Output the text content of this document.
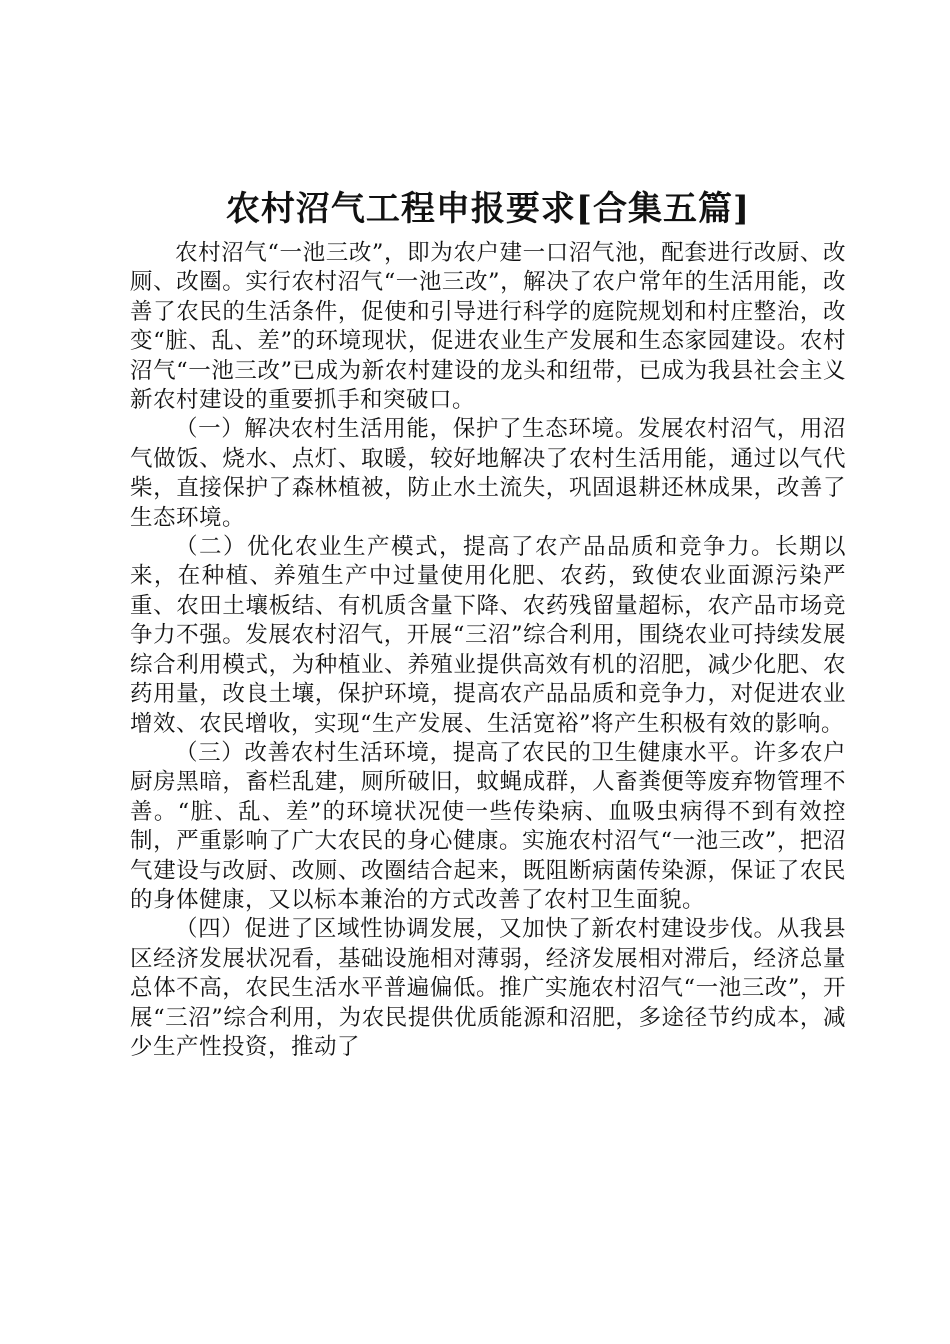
农村沼气工程申报要求[合集五篇]

农村沼气“一池三改”，即为农户建一口沼气池，配套进行改厨、改厕、改圈。实行农村沼气“一池三改”，解决了农户常年的生活用能，改善了农民的生活条件，促使和引导进行科学的庭院规划和村庄整治，改变“脏、乱、差”的环境现状，促进农业生产发展和生态家园建设。农村沼气“一池三改”已成为新农村建设的龙头和纽带，已成为我县社会主义新农村建设的重要抓手和突破口。

（一）解决农村生活用能，保护了生态环境。发展农村沼气，用沼气做饭、烧水、点灯、取暖，较好地解决了农村生活用能，通过以气代柴，直接保护了森林植被，防止水土流失，巩固退耕还林成果，改善了生态环境。

（二）优化农业生产模式，提高了农产品品质和竞争力。长期以来，在种植、养殖生产中过量使用化肥、农药，致使农业面源污染严重、农田土壤板结、有机质含量下降、农药残留量超标，农产品市场竞争力不强。发展农村沼气，开展“三沼”综合利用，围绕农业可持续发展综合利用模式，为种植业、养殖业提供高效有机的沼肥，减少化肥、农药用量，改良土壤，保护环境，提高农产品品质和竞争力，对促进农业增效、农民增收，实现“生产发展、生活宽裕”将产生积极有效的影响。

（三）改善农村生活环境，提高了农民的卫生健康水平。许多农户厨房黑暗，畜栏乱建，厕所破旧，蚊蝇成群，人畜粪便等废弃物管理不善。“脏、乱、差”的环境状况使一些传染病、血吸虫病得不到有效控制，严重影响了广大农民的身心健康。实施农村沼气“一池三改”，把沼气建设与改厨、改厕、改圈结合起来，既阻断病菌传染源，保证了农民的身体健康，又以标本兼治的方式改善了农村卫生面貌。

（四）促进了区域性协调发展，又加快了新农村建设步伐。从我县区经济发展状况看，基础设施相对薄弱，经济发展相对滞后，经济总量总体不高，农民生活水平普遍偏低。推广实施农村沼气“一池三改”，开展“三沼”综合利用，为农民提供优质能源和沼肥，多途径节约成本，减少生产性投资，推动了
